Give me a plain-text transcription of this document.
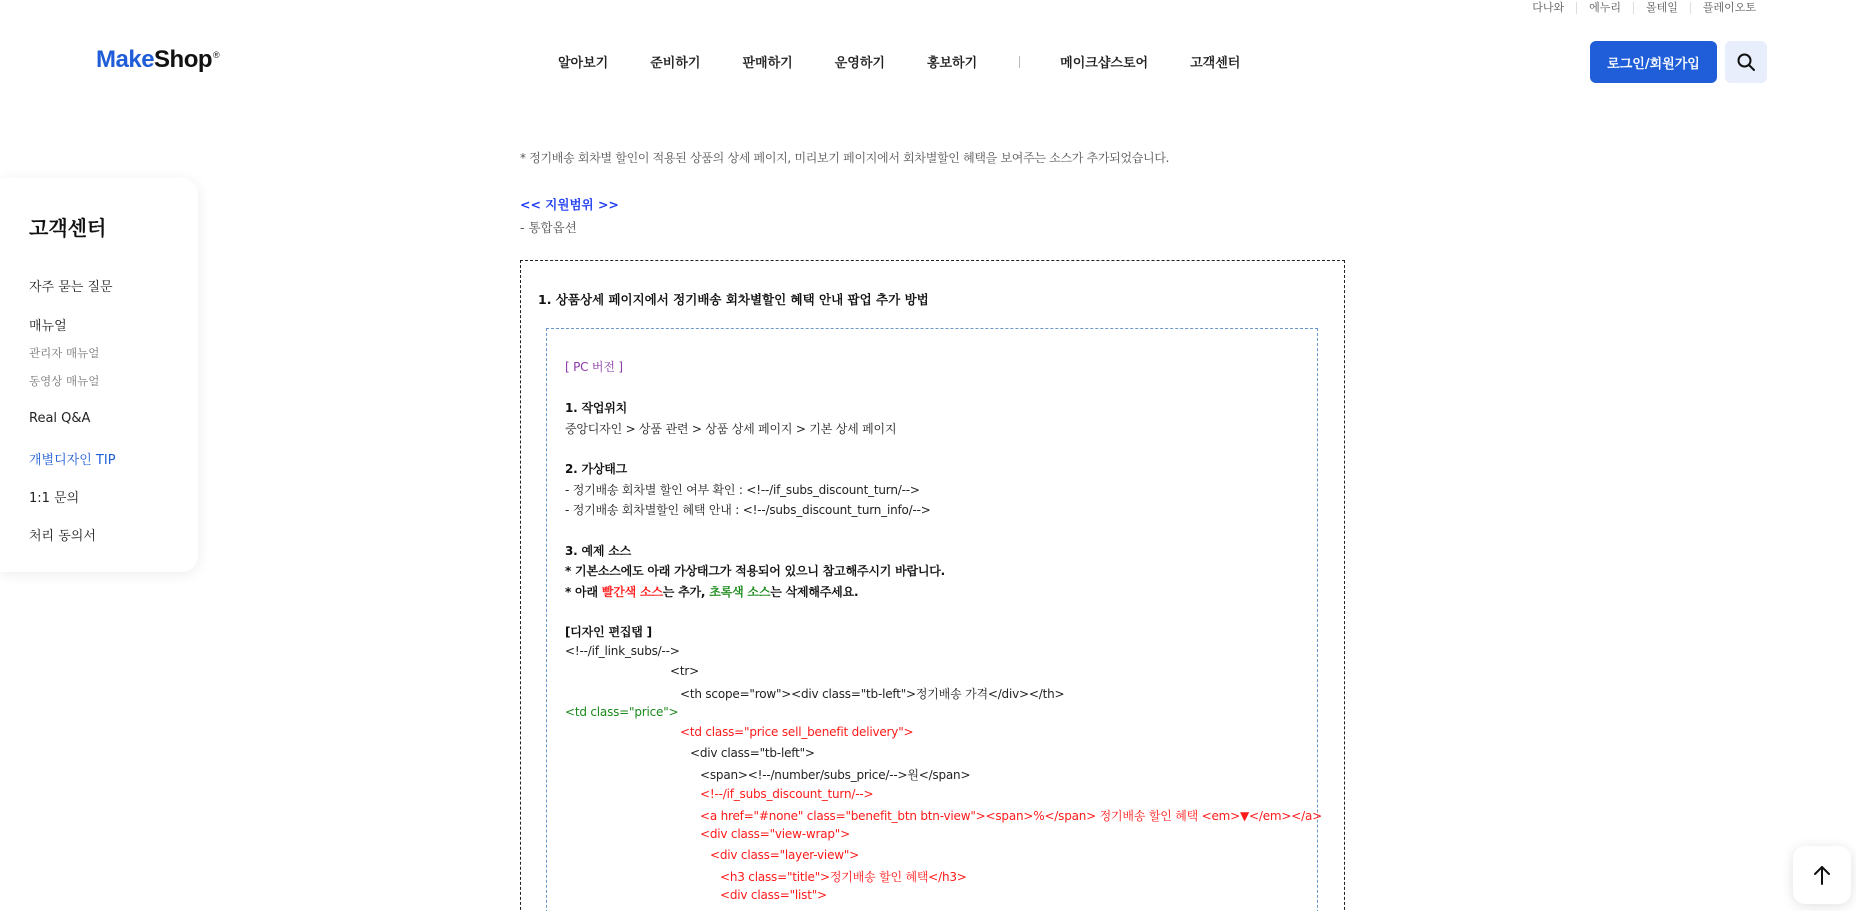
다나와	에누리	몰테일	플레이오토
MakeShop®
알아보기	준비하기	판매하기	운영하기	홍보하기	메이크샵스토어	고객센터	로그인/회원가입
고객센터
자주 묻는 질문
매뉴얼
관리자 매뉴얼
동영상 매뉴얼
Real Q&A
개별디자인 TIP
1:1 문의
처리 동의서
* 정기배송 회차별 할인이 적용된 상품의 상세 페이지, 미리보기 페이지에서 회차별할인 혜택을 보여주는 소스가 추가되었습니다.
<< 지원범위 >>
- 통합옵션
1. 상품상세 페이지에서 정기배송 회차별할인 혜택 안내 팝업 추가 방법
[ PC 버전 ]
1. 작업위치
중앙디자인 > 상품 관련 > 상품 상세 페이지 > 기본 상세 페이지
2. 가상태그
- 정기배송 회차별 할인 여부 확인 : <!--/if_subs_discount_turn/-->
- 정기배송 회차별할인 혜택 안내 : <!--/subs_discount_turn_info/-->
3. 예제 소스
* 기본소스에도 아래 가상태그가 적용되어 있으니 참고해주시기 바랍니다.
* 아래 빨간색 소스는 추가, 초록색 소스는 삭제해주세요.
[디자인 편집탭 ]
<!--/if_link_subs/-->
<tr>
<th scope="row"><div class="tb-left">정기배송 가격</div></th>
<td class="price">
<td class="price sell_benefit delivery">
<div class="tb-left">
<span><!--/number/subs_price/-->원</span>
<!--/if_subs_discount_turn/-->
<a href="#none" class="benefit_btn btn-view"><span>%</span> 정기배송 할인 혜택 <em>▼</em></a>
<div class="view-wrap">
<div class="layer-view">
<h3 class="title">정기배송 할인 혜택</h3>
<div class="list">
